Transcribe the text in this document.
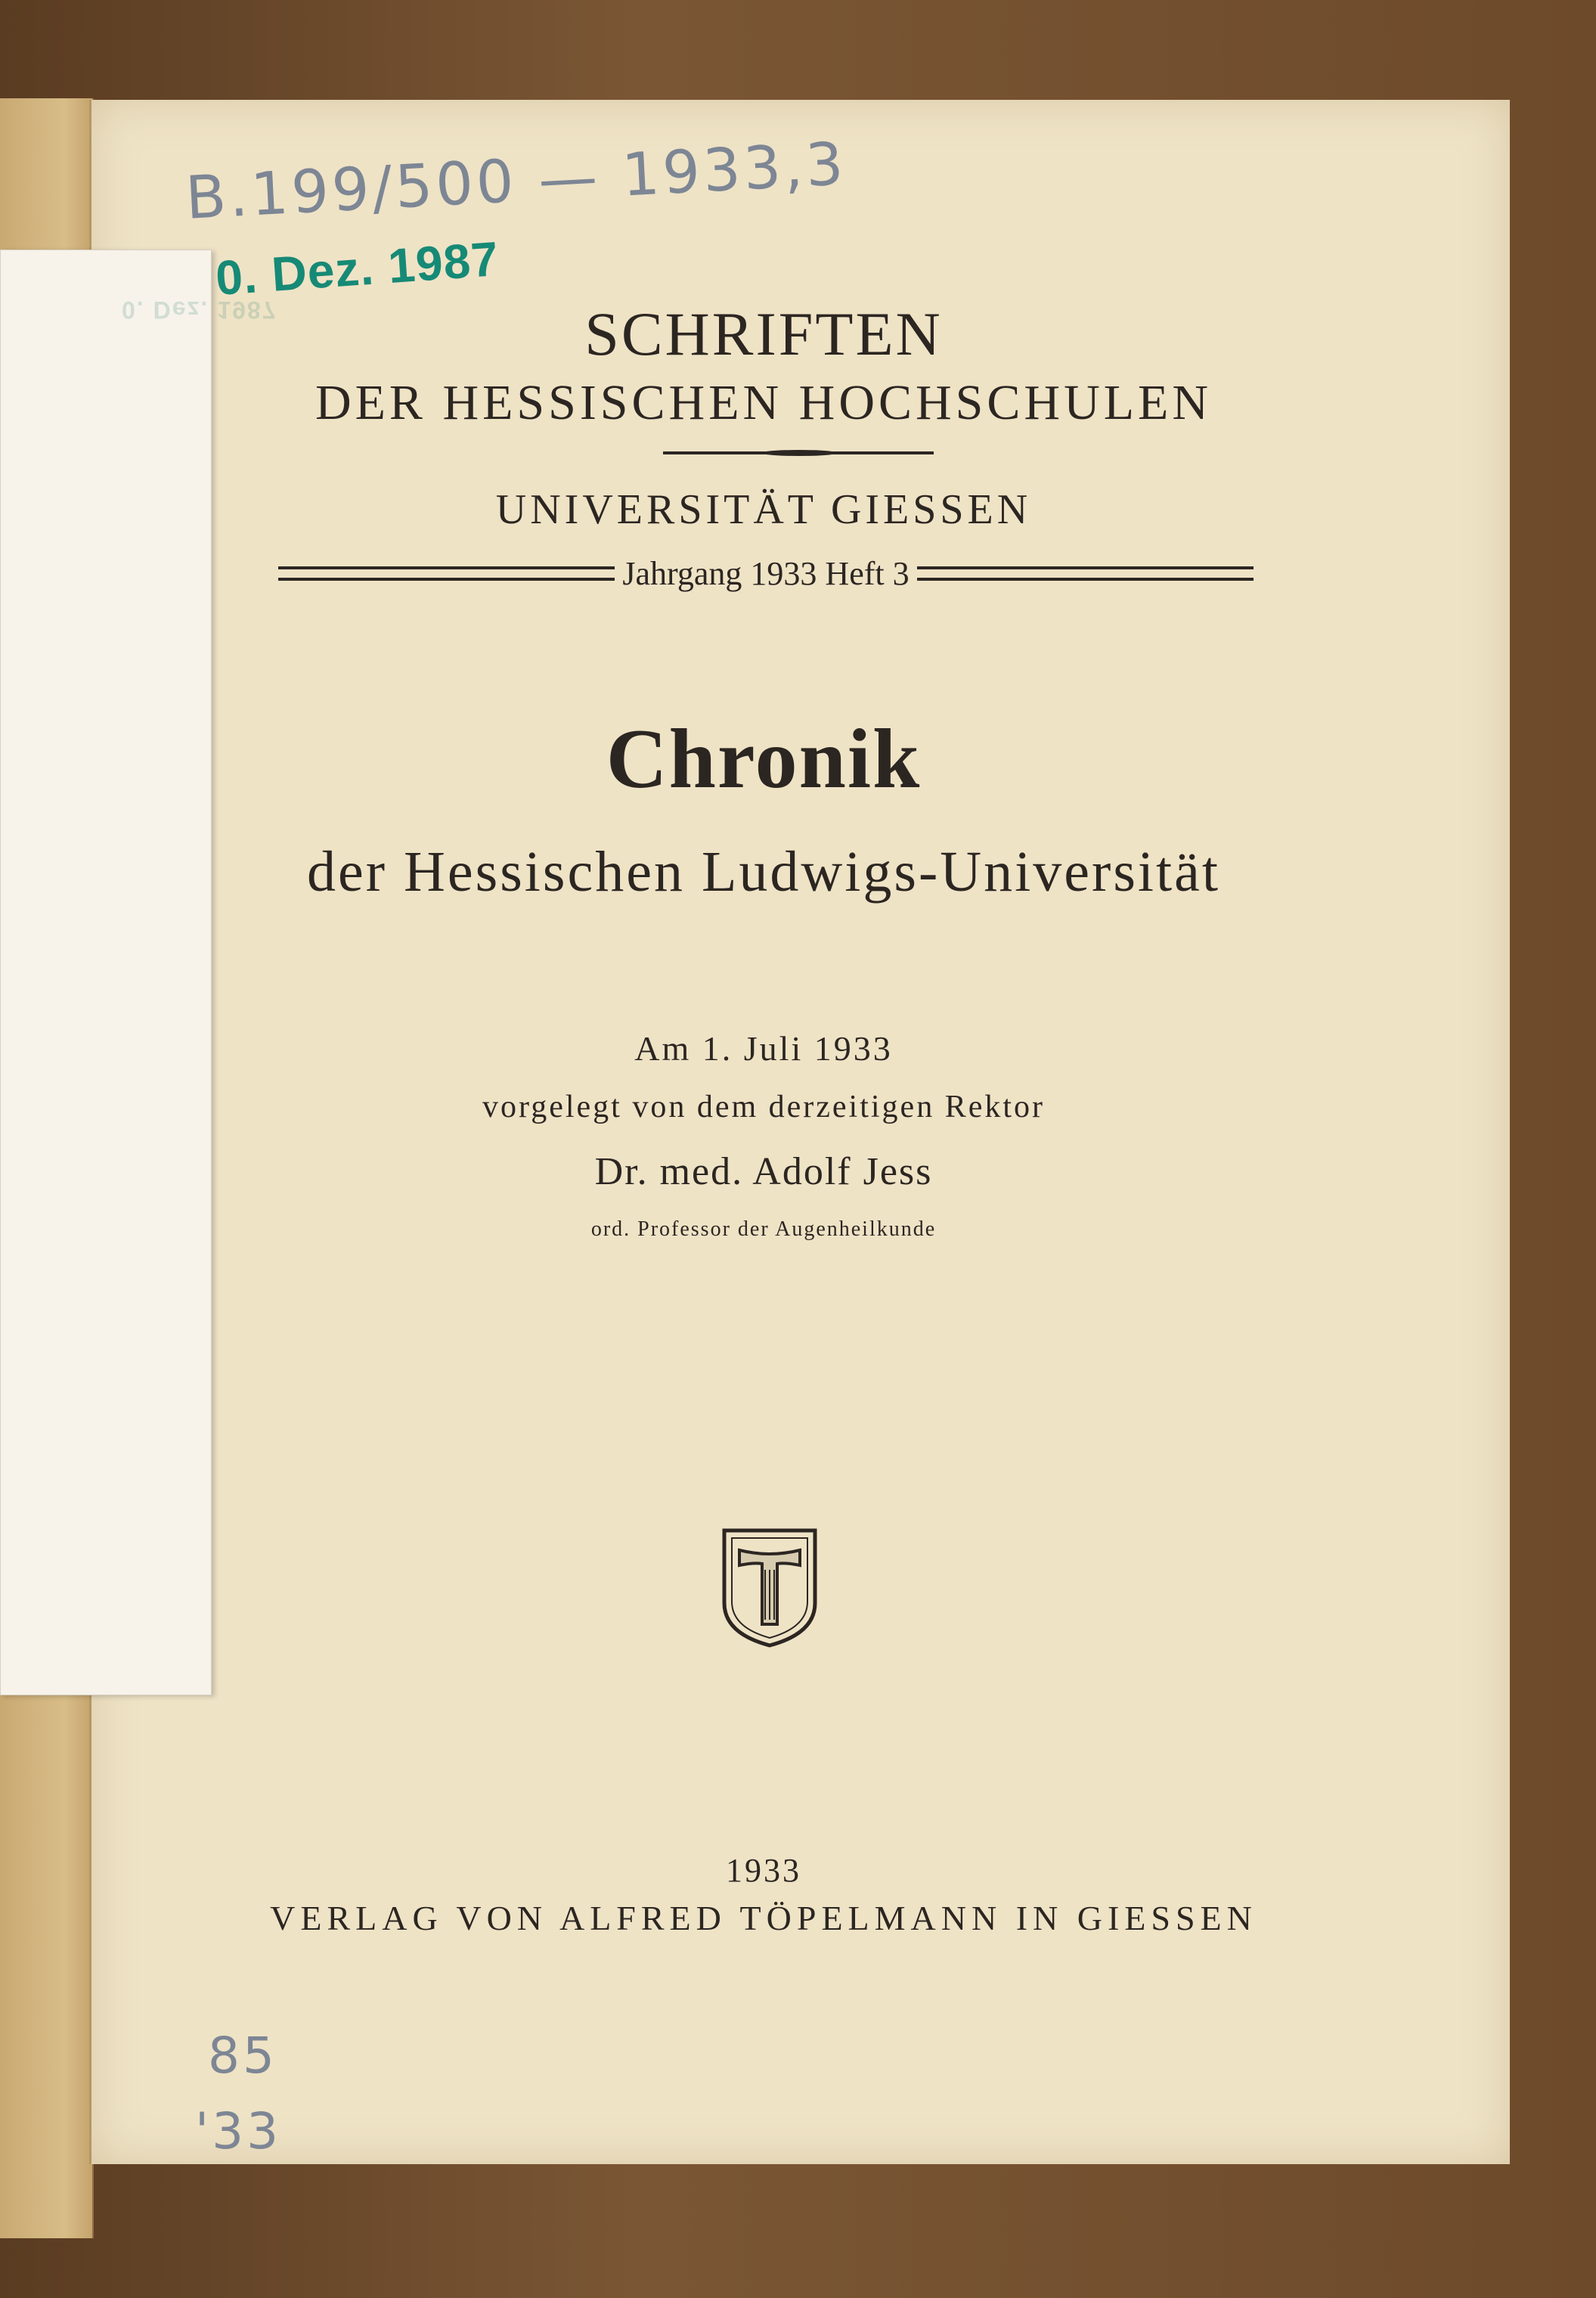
0. Dez. 1987
B.199/500 — 1933,3
0. Dez. 1987
SCHRIFTEN
DER HESSISCHEN HOCHSCHULEN
UNIVERSITÄT GIESSEN
Jahrgang 1933 Heft 3
Chronik
der Hessischen Ludwigs-Universität
Am 1. Juli 1933
vorgelegt von dem derzeitigen Rektor
Dr. med. Adolf Jess
ord. Professor der Augenheilkunde
1933
VERLAG VON ALFRED TÖPELMANN IN GIESSEN
85
'33
